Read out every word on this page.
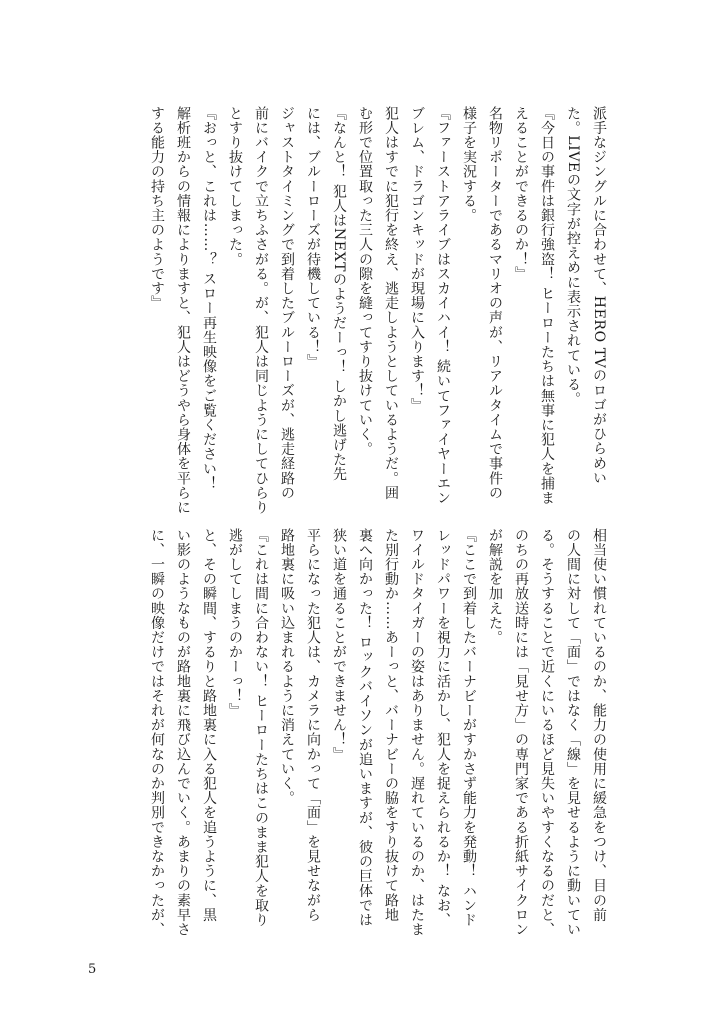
派手なジングルに合わせて、HERO TVのロゴがひらめい
た。LIVEの文字が控えめに表示されている。
『今日の事件は銀行強盗！ ヒーローたちは無事に犯人を捕ま
えることができるのか！』
名物リポーターであるマリオの声が、リアルタイムで事件の
様子を実況する。
『ファーストアライブはスカイハイ！ 続いてファイヤーエン
ブレム、ドラゴンキッドが現場に入ります！』
犯人はすでに犯行を終え、逃走しようとしているようだ。囲
む形で位置取った三人の隙を縫ってすり抜けていく。
『なんと！ 犯人はNEXTのようだーっ！ しかし逃げた先
には、ブルーローズが待機している！』
ジャストタイミングで到着したブルーローズが、逃走経路の
前にバイクで立ちふさがる。が、犯人は同じようにしてひらり
とすり抜けてしまった。
『おっと、これは……？ スロー再生映像をご覧ください！
解析班からの情報によりますと、犯人はどうやら身体を平らに
する能力の持ち主のようです』
相当使い慣れているのか、能力の使用に緩急をつけ、目の前
の人間に対して「面」ではなく「線」を見せるように動いてい
る。そうすることで近くにいるほど見失いやすくなるのだと、
のちの再放送時には「見せ方」の専門家である折紙サイクロン
が解説を加えた。
『ここで到着したバーナビーがすかさず能力を発動！ ハンド
レッドパワーを視力に活かし、犯人を捉えられるか！ なお、
ワイルドタイガーの姿はありません。遅れているのか、はたま
た別行動か……あーっと、バーナビーの脇をすり抜けて路地
裏へ向かった！ ロックバイソンが追いますが、彼の巨体では
狭い道を通ることができません！』
平らになった犯人は、カメラに向かって「面」を見せながら
路地裏に吸い込まれるように消えていく。
『これは間に合わない！ ヒーローたちはこのまま犯人を取り
逃がしてしまうのかーっ！』
と、その瞬間、するりと路地裏に入る犯人を追うように、黒
い影のようなものが路地裏に飛び込んでいく。あまりの素早さ
に、一瞬の映像だけではそれが何なのか判別できなかったが、
5
